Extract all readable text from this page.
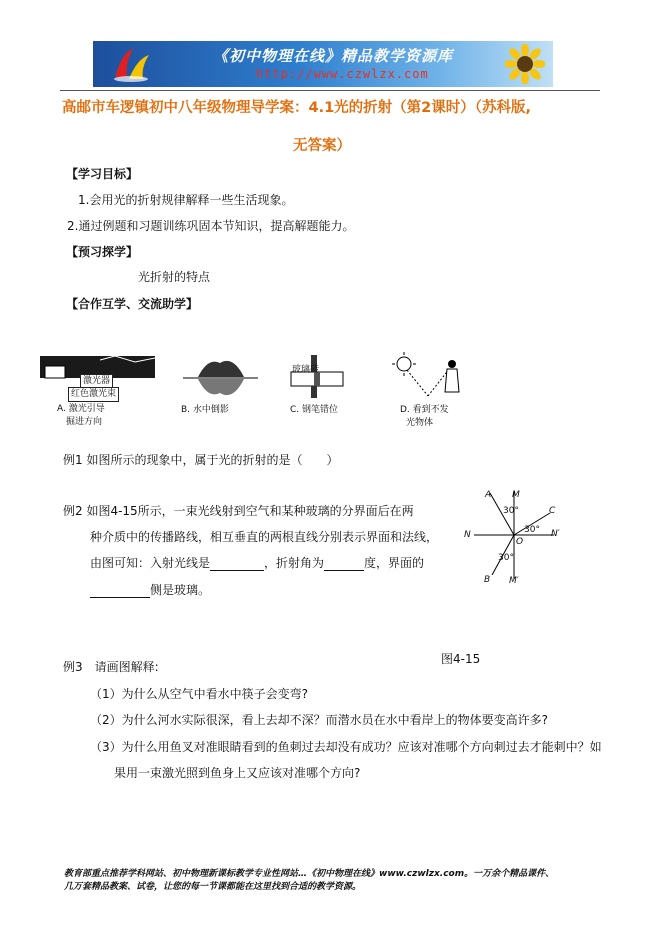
《初中物理在线》精品教学资源库
http://www.czwlzx.com
高邮市车逻镇初中八年级物理导学案：4.1光的折射（第2课时）（苏科版,
无答案）
【学习目标】
1.会用光的折射规律解释一些生活现象。
2.通过例题和习题训练巩固本节知识，提高解题能力。
【预习探学】
光折射的特点
【合作互学、交流助学】
激光器
红色激光束
A. 激光引导
掘进方向
B. 水中倒影
玻璃砖
C. 钢笔错位	D. 看到不发
光物体
例1 如图所示的现象中，属于光的折射的是（　　）
例2 如图4-15所示，一束光线射到空气和某种玻璃的分界面后在两
种介质中的传播路线，相互垂直的两根直线分别表示界面和法线，
由图可知：入射光线是	，折射角为	度，界面的
侧是玻璃。
A M
C
30°
30°
N	N′
O
30°
B M′
图4-15
例3　请画图解释:
（1）为什么从空气中看水中筷子会变弯?
（2）为什么河水实际很深，看上去却不深？而潜水员在水中看岸上的物体要变高许多?
（3）为什么用鱼叉对准眼睛看到的鱼刺过去却没有成功？应该对准哪个方向刺过去才能刺中？如
果用一束激光照到鱼身上又应该对准哪个方向?
教育部重点推荐学科网站、初中物理新课标教学专业性网站…《初中物理在线》www.czwlzx.com。一万余个精品课件、
几万套精品教案、试卷，让您的每一节课都能在这里找到合适的教学资源。
